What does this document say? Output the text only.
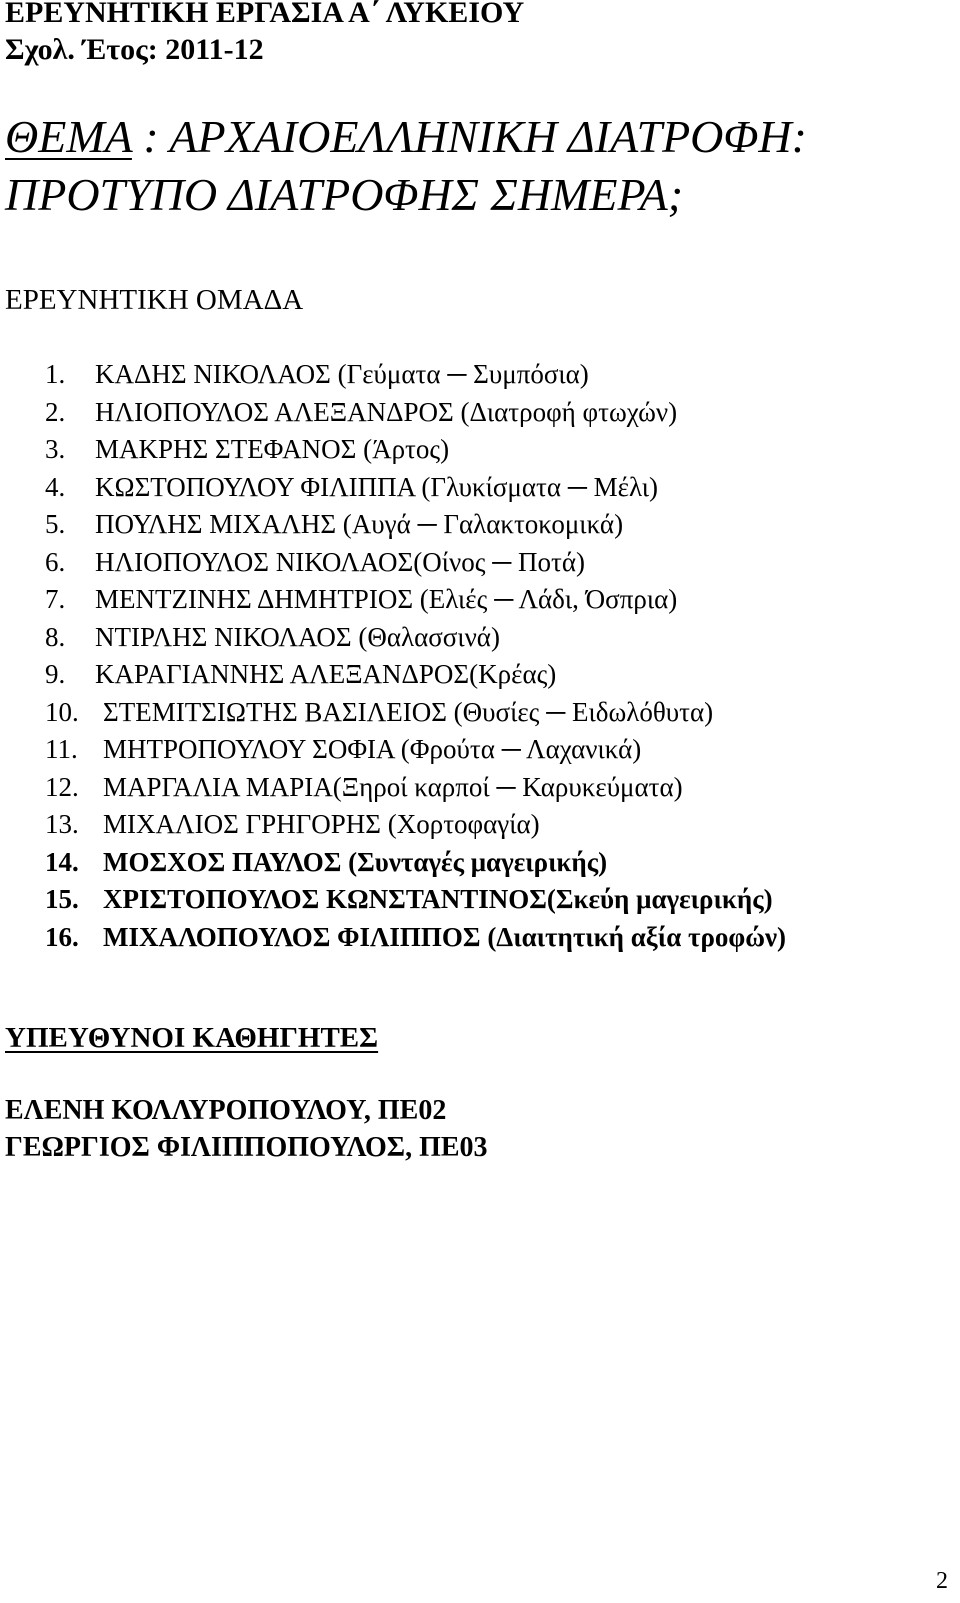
ΕΡΕΥΝΗΤΙΚΗ ΕΡΓΑΣΙΑ Α΄ ΛΥΚΕΙΟΥ
Σχολ. Έτος: 2011-12
ΘΕΜΑ : ΑΡΧΑΙΟΕΛΛΗΝΙΚΗ ΔΙΑΤΡΟΦΗ:
ΠΡΟΤΥΠΟ ΔΙΑΤΡΟΦΗΣ ΣΗΜΕΡΑ;
ΕΡΕΥΝΗΤΙΚΗ ΟΜΑΔΑ
1.	ΚΑΔΗΣ ΝΙΚΟΛΑΟΣ (Γεύματα ─ Συμπόσια)
2.	ΗΛΙΟΠΟΥΛΟΣ ΑΛΕΞΑΝΔΡΟΣ (Διατροφή φτωχών)
3.	ΜΑΚΡΗΣ ΣΤΕΦΑΝΟΣ (Άρτος)
4.	ΚΩΣΤΟΠΟΥΛΟΥ ΦΙΛΙΠΠΑ (Γλυκίσματα ─ Μέλι)
5.	ΠΟΥΛΗΣ ΜΙΧΑΛΗΣ (Αυγά ─ Γαλακτοκομικά)
6.	ΗΛΙΟΠΟΥΛΟΣ ΝΙΚΟΛΑΟΣ(Οίνος ─ Ποτά)
7.	ΜΕΝΤΖΙΝΗΣ ΔΗΜΗΤΡΙΟΣ (Ελιές ─ Λάδι, Όσπρια)
8.	ΝΤΙΡΛΗΣ ΝΙΚΟΛΑΟΣ (Θαλασσινά)
9.	ΚΑΡΑΓΙΑΝΝΗΣ ΑΛΕΞΑΝΔΡΟΣ(Κρέας)
10. ΣΤΕΜΙΤΣΙΩΤΗΣ ΒΑΣΙΛΕΙΟΣ (Θυσίες ─ Ειδωλόθυτα)
11. ΜΗΤΡΟΠΟΥΛΟΥ ΣΟΦΙΑ (Φρούτα ─ Λαχανικά)
12. ΜΑΡΓΑΛΙΑ ΜΑΡΙΑ(Ξηροί καρποί ─ Καρυκεύματα)
13. ΜΙΧΑΛΙΟΣ ΓΡΗΓΟΡΗΣ (Χορτοφαγία)
14. ΜΟΣΧΟΣ ΠΑΥΛΟΣ (Συνταγές μαγειρικής)
15. ΧΡΙΣΤΟΠΟΥΛΟΣ ΚΩΝΣΤΑΝΤΙΝΟΣ(Σκεύη μαγειρικής)
16. ΜΙΧΑΛΟΠΟΥΛΟΣ ΦΙΛΙΠΠΟΣ (Διαιτητική αξία τροφών)
ΥΠΕΥΘΥΝΟΙ ΚΑΘΗΓΗΤΕΣ
ΕΛΕΝΗ ΚΟΛΛΥΡΟΠΟΥΛΟΥ, ΠΕ02
ΓΕΩΡΓΙΟΣ ΦΙΛΙΠΠΟΠΟΥΛΟΣ, ΠΕ03
2
